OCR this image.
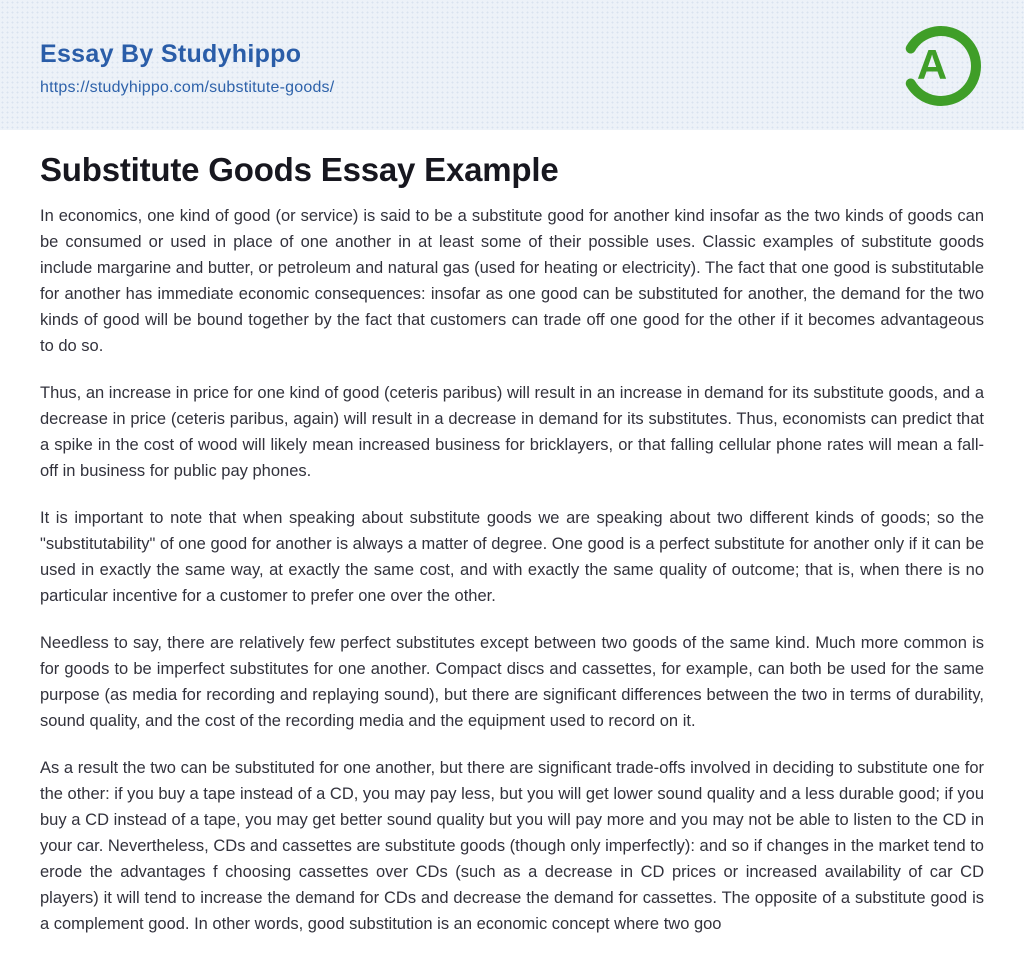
Essay By Studyhippo
https://studyhippo.com/substitute-goods/	A
Substitute Goods Essay Example

In economics, one kind of good (or service) is said to be a substitute good for another kind insofar as the two kinds of goods can be consumed or used in place of one another in at least some of their possible uses. Classic examples of substitute goods include margarine and butter, or petroleum and natural gas (used for heating or electricity). The fact that one good is substitutable for another has immediate economic consequences: insofar as one good can be substituted for another, the demand for the two kinds of good will be bound together by the fact that customers can trade off one good for the other if it becomes advantageous to do so.

Thus, an increase in price for one kind of good (ceteris paribus) will result in an increase in demand for its substitute goods, and a decrease in price (ceteris paribus, again) will result in a decrease in demand for its substitutes. Thus, economists can predict that a spike in the cost of wood will likely mean increased business for bricklayers, or that falling cellular phone rates will mean a fall-off in business for public pay phones.

It is important to note that when speaking about substitute goods we are speaking about two different kinds of goods; so the "substitutability" of one good for another is always a matter of degree. One good is a perfect substitute for another only if it can be used in exactly the same way, at exactly the same cost, and with exactly the same quality of outcome; that is, when there is no particular incentive for a customer to prefer one over the other.

Needless to say, there are relatively few perfect substitutes except between two goods of the same kind. Much more common is for goods to be imperfect substitutes for one another. Compact discs and cassettes, for example, can both be used for the same purpose (as media for recording and replaying sound), but there are significant differences between the two in terms of durability, sound quality, and the cost of the recording media and the equipment used to record on it.

As a result the two can be substituted for one another, but there are significant trade-offs involved in deciding to substitute one for the other: if you buy a tape instead of a CD, you may pay less, but you will get lower sound quality and a less durable good; if you buy a CD instead of a tape, you may get better sound quality but you will pay more and you may not be able to listen to the CD in your car. Nevertheless, CDs and cassettes are substitute goods (though only imperfectly): and so if changes in the market tend to erode the advantages f choosing cassettes over CDs (such as a decrease in CD prices or increased availability of car CD players) it will tend to increase the demand for CDs and decrease the demand for cassettes. The opposite of a substitute good is a complement good. In other words, good substitution is an economic concept where two goo
